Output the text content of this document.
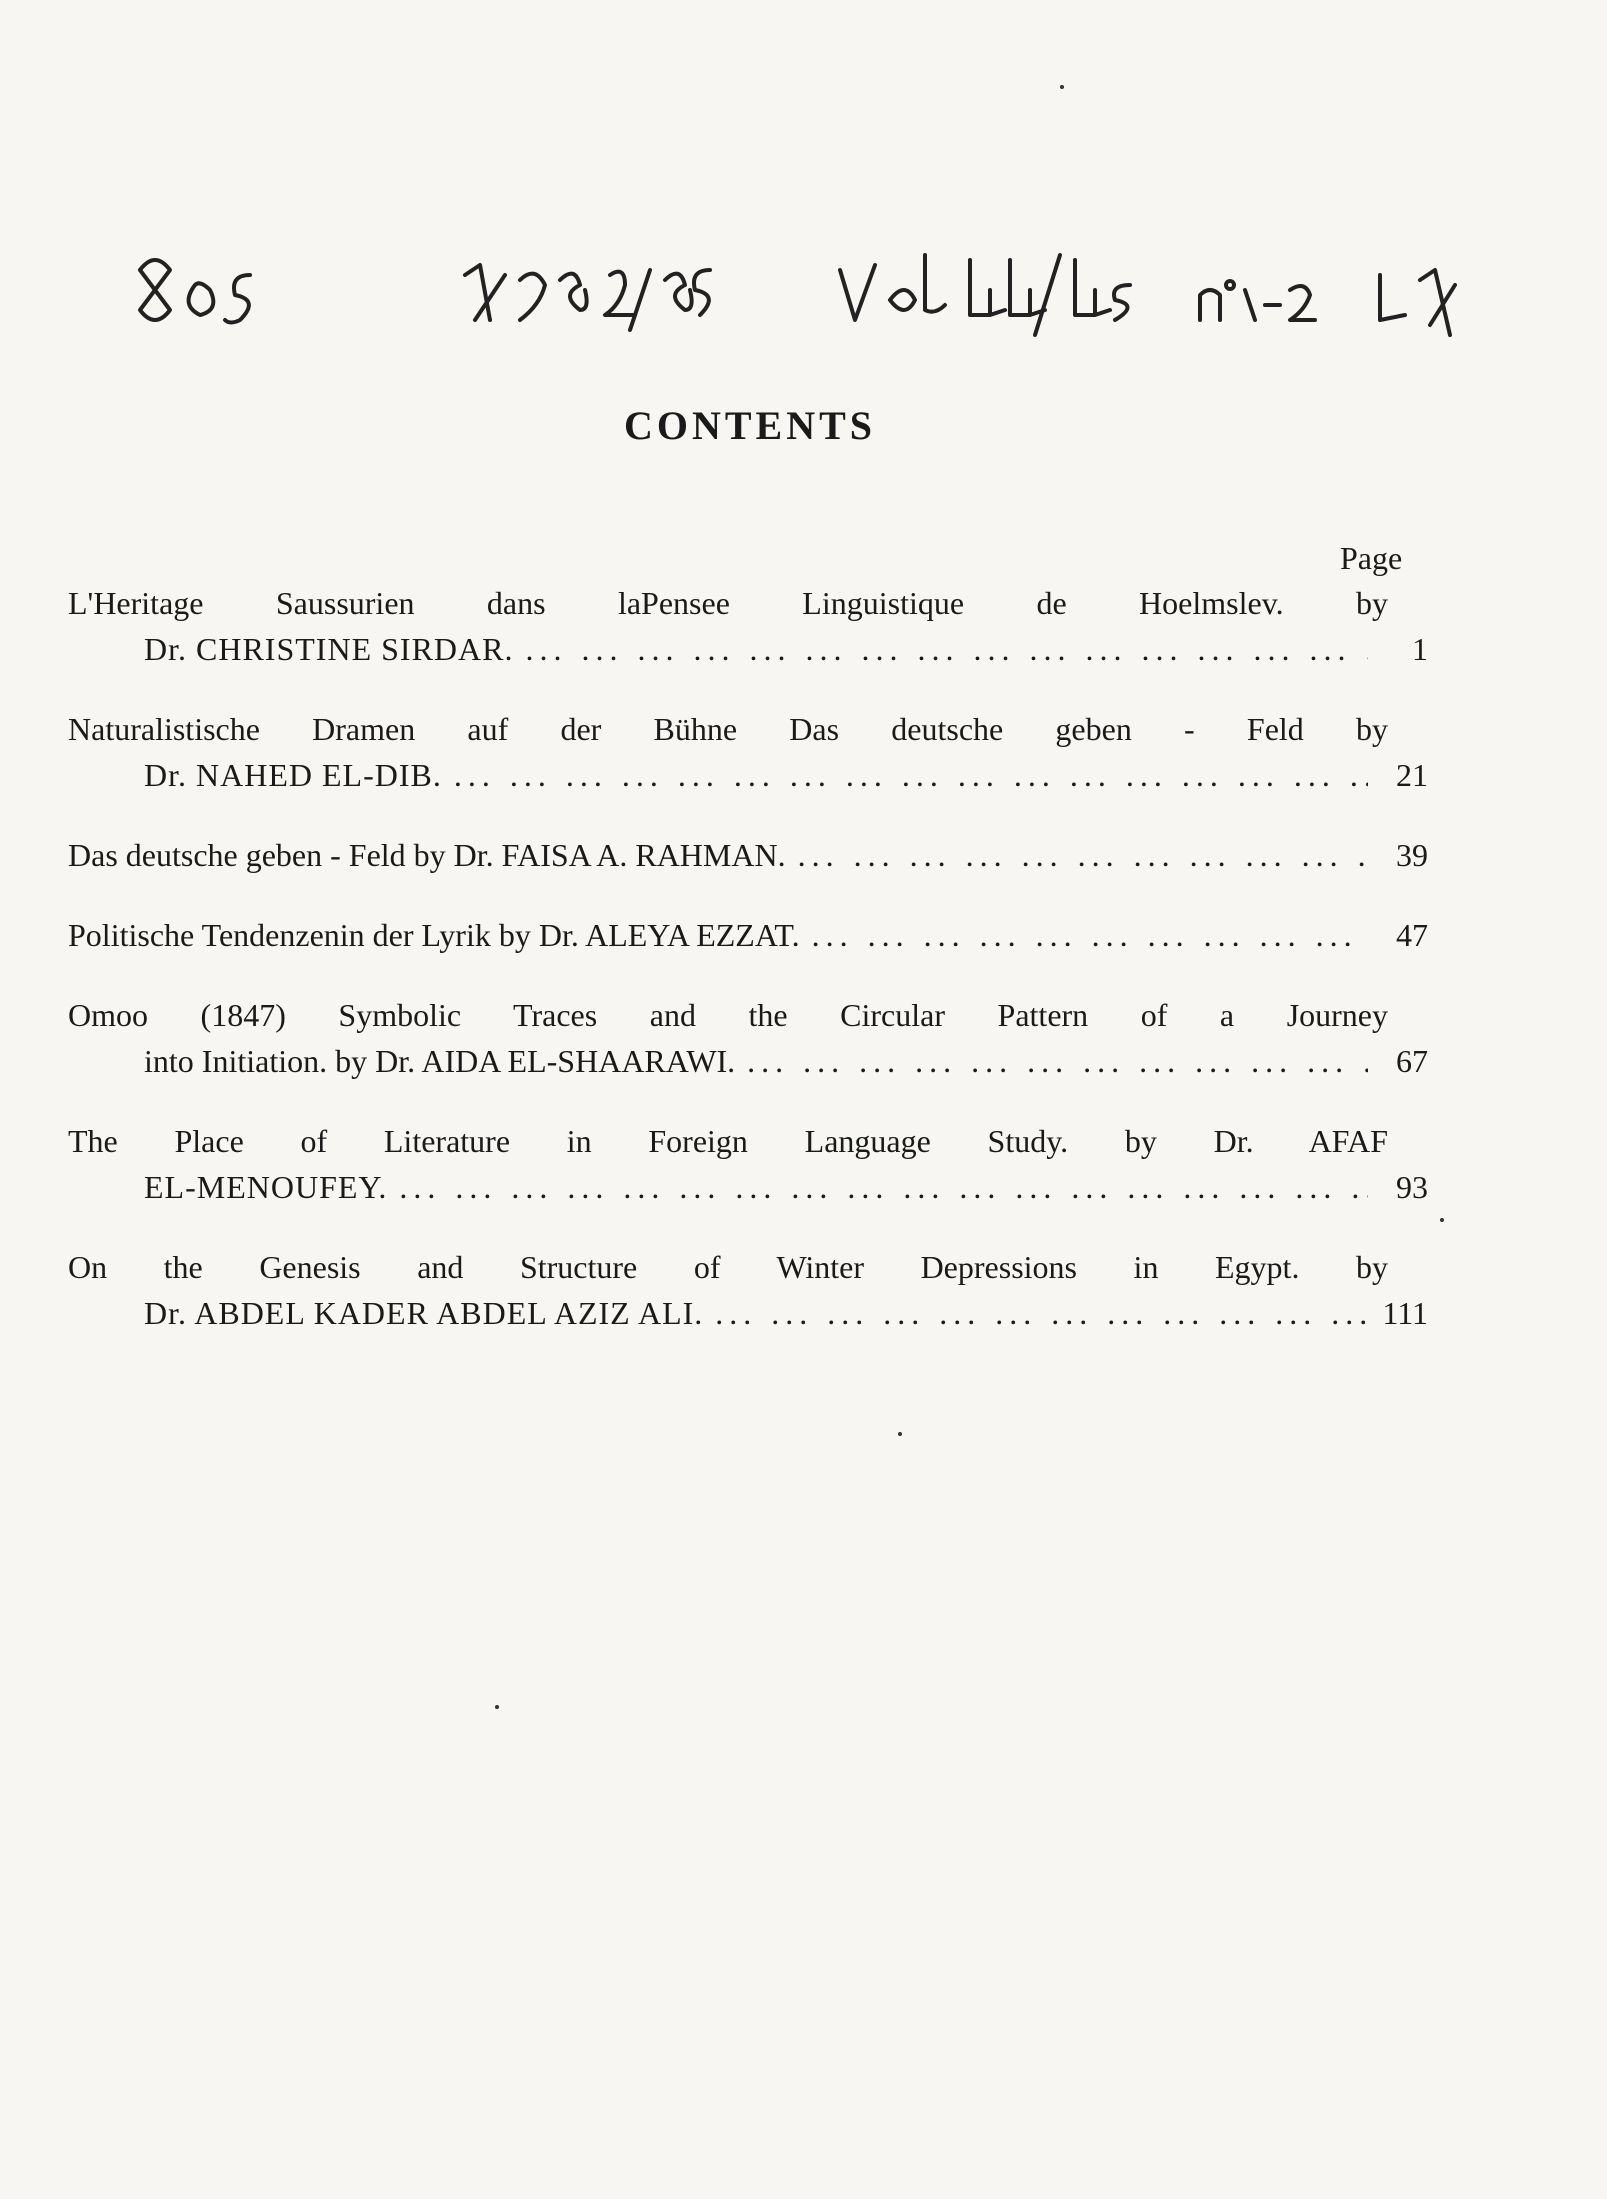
CONTENTS
Page
L'Heritage Saussurien dans laPensee Linguistique de Hoelmslev. by
Dr. CHRISTINE SIRDAR. ... .	1
Naturalistische Dramen auf der Bühne Das deutsche geben - Feld by
Dr. NAHED EL-DIB. ... .	21
Das deutsche geben - Feld by Dr. FAISA A. RAHMAN. ... .	39
Politische Tendenzenin der Lyrik by Dr. ALEYA EZZAT. ... .	47
Omoo (1847) Symbolic Traces and the Circular Pattern of a Journey
into Initiation. by Dr. AIDA EL-SHAARAWI. ... .	67
The Place of Literature in Foreign Language Study. by Dr. AFAF
EL-MENOUFEY. ... .	93
On the Genesis and Structure of Winter Depressions in Egypt. by
Dr. ABDEL KADER ABDEL AZIZ ALI. ... .	111
